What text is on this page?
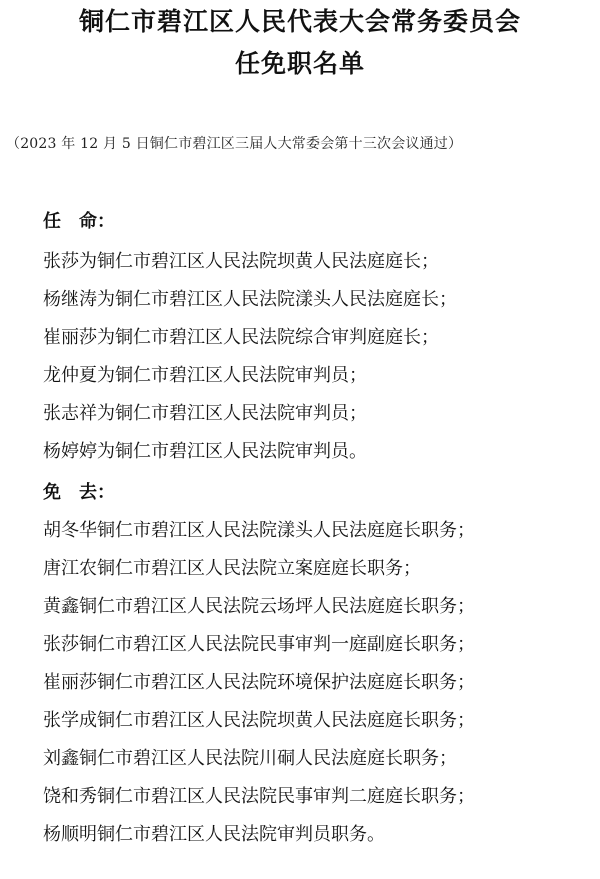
铜仁市碧江区人民代表大会常务委员会
任免职名单
（2023 年 12 月 5 日铜仁市碧江区三届人大常委会第十三次会议通过）
任　命：
张莎为铜仁市碧江区人民法院坝黄人民法庭庭长；
杨继涛为铜仁市碧江区人民法院漾头人民法庭庭长；
崔丽莎为铜仁市碧江区人民法院综合审判庭庭长；
龙仲夏为铜仁市碧江区人民法院审判员；
张志祥为铜仁市碧江区人民法院审判员；
杨婷婷为铜仁市碧江区人民法院审判员。
免　去：
胡冬华铜仁市碧江区人民法院漾头人民法庭庭长职务；
唐江农铜仁市碧江区人民法院立案庭庭长职务；
黄鑫铜仁市碧江区人民法院云场坪人民法庭庭长职务；
张莎铜仁市碧江区人民法院民事审判一庭副庭长职务；
崔丽莎铜仁市碧江区人民法院环境保护法庭庭长职务；
张学成铜仁市碧江区人民法院坝黄人民法庭庭长职务；
刘鑫铜仁市碧江区人民法院川硐人民法庭庭长职务；
饶和秀铜仁市碧江区人民法院民事审判二庭庭长职务；
杨顺明铜仁市碧江区人民法院审判员职务。
